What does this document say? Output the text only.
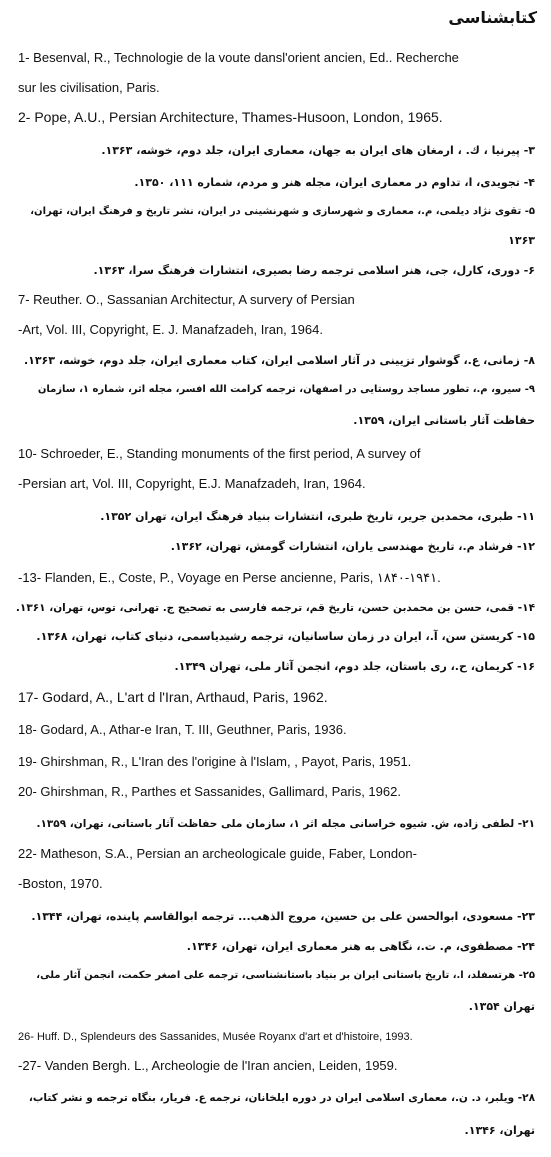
کتابشناسی
1- Besenval, R., Technologie de la voute dansl'orient ancien, Ed.. Recherche
sur les civilisation, Paris.
2- Pope, A.U., Persian Architecture, Thames-Husoon, London, 1965.
۳- پیرنیا ، ك. ، ارمغان های ایران به جهان، معماری ایران، جلد دوم، خوشه، ۱۳۶۳.
۴- تجویدی، ا، تداوم در معماری ایران، مجله هنر و مردم، شماره ۱۱۱، ۱۳۵۰.
۵- تقوی نژاد دیلمی، م.، معماری و شهرسازی و شهرنشینی در ایران، نشر تاریخ و فرهنگ ایران، تهران،
۱۳۶۳
۶- دوری، کارل، جی، هنر اسلامی ترجمه رضا بصیری، انتشارات فرهنگ سرا، ۱۳۶۳.
7- Reuther. O., Sassanian Architectur, A survery of Persian
-Art, Vol. III, Copyright, E. J. Manafzadeh, Iran, 1964.
۸- زمانی، ع.، گوشوار تزیینی در آثار اسلامی ایران، کتاب معماری ایران، جلد دوم، خوشه، ۱۳۶۳.
۹- سیرو، م.، تطور مساجد روستایی در اصفهان، ترجمه کرامت الله افسر، مجله اثر، شماره ۱، سازمان
حفاظت آثار باستانی ایران، ۱۳۵۹.
10- Schroeder, E., Standing monuments of the first period, A survey of
-Persian art, Vol. III, Copyright, E.J. Manafzadeh, Iran, 1964.
۱۱- طبری، محمدبن جریر، تاریخ طبری، انتشارات بنیاد فرهنگ ایران، تهران ۱۳۵۲.
۱۲- فرشاد م.، تاریخ مهندسی یاران، انتشارات گومش، تهران، ۱۳۶۲.
-13- Flanden, E., Coste, P., Voyage en Perse ancienne, Paris, ۱۸۴۰-۱۹۴۱.
۱۴- قمی، حسن بن محمدبن حسن، تاریخ قم، ترجمه فارسی به تصحیح ج. تهرانی، توس، تهران، ۱۳۶۱.
۱۵- کریستن سن، آ.، ایران در زمان ساسانیان، ترجمه رشیدیاسمی، دنیای کتاب، تهران، ۱۳۶۸.
۱۶- کریمان، ح.، ری باستان، جلد دوم، انجمن آثار ملی، تهران ۱۳۴۹.
17- Godard, A., L'art d l'Iran, Arthaud, Paris, 1962.
18- Godard, A., Athar-e Iran, T. III, Geuthner, Paris, 1936.
19- Ghirshman, R., L'Iran des l'origine à l'Islam, , Payot, Paris, 1951.
20- Ghirshman, R., Parthes et Sassanides, Gallimard, Paris, 1962.
۲۱- لطفی زاده، ش. شیوه خراسانی مجله اثر ۱، سازمان ملی حفاظت آثار باستانی، تهران، ۱۳۵۹.
22- Matheson, S.A., Persian an archeologicale guide, Faber, London-
-Boston, 1970.
۲۳- مسعودی، ابوالحسن علی بن حسین، مروج الذهب... ترجمه ابوالقاسم پاینده، تهران، ۱۳۴۴.
۲۴- مصطفوی، م. ت.، نگاهی به هنر معماری ایران، تهران، ۱۳۴۶.
۲۵- هرتسفلد، ا.، تاریخ باستانی ایران بر بنیاد باستانشناسی، ترجمه علی اصغر حکمت، انجمن آثار ملی،
تهران ۱۳۵۴.
26- Huff. D., Splendeurs des Sassanides, Musée Royanx d'art et d'histoire, 1993.
-27- Vanden Bergh. L., Archeologie de l'Iran ancien, Leiden, 1959.
۲۸- ویلبر، د. ن.، معماری اسلامی ایران در دوره ایلخانان، ترجمه ع. فریار، بنگاه ترجمه و نشر کتاب،
تهران، ۱۳۴۶.
